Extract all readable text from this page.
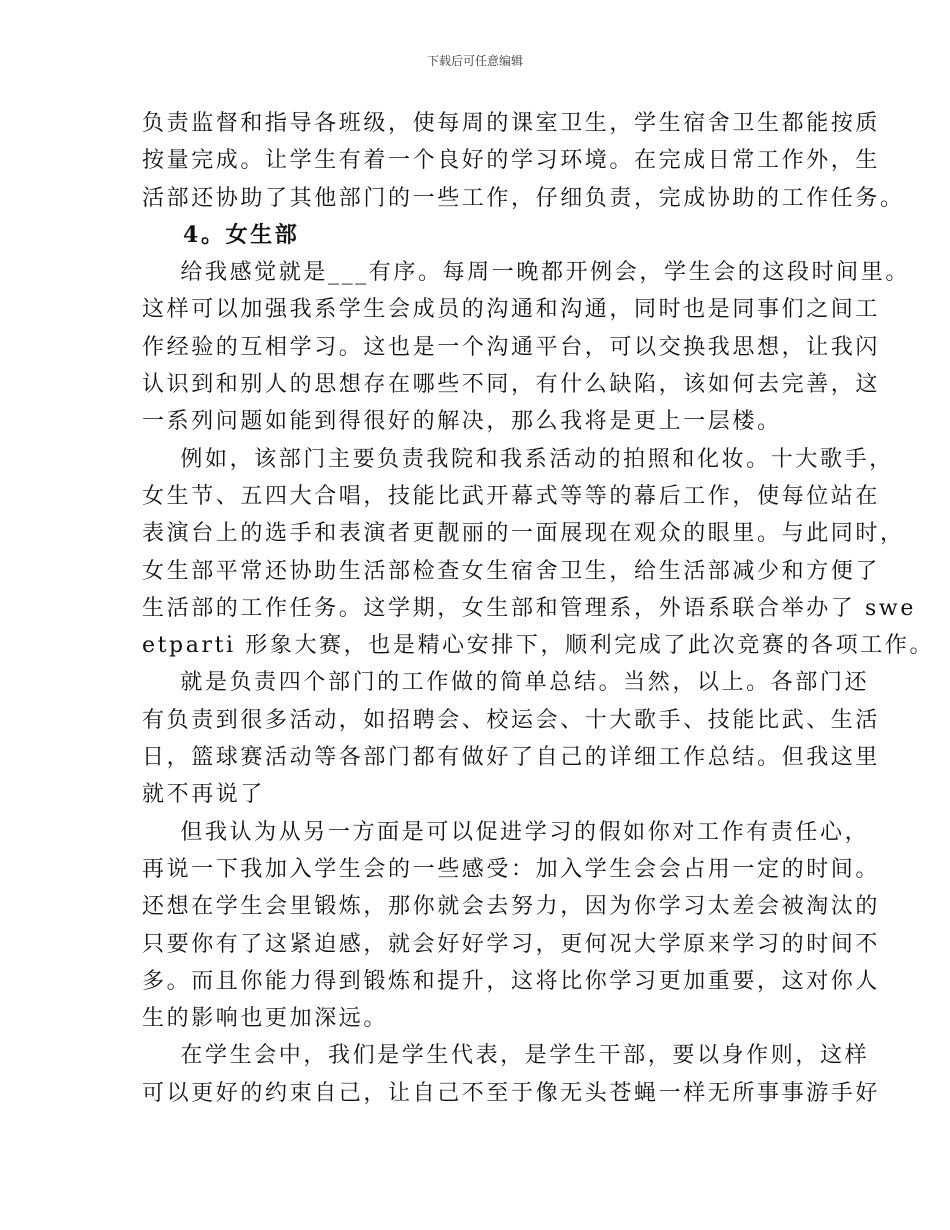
下载后可任意编辑

负责监督和指导各班级，使每周的课室卫生，学生宿舍卫生都能按质
按量完成。让学生有着一个良好的学习环境。在完成日常工作外，生
活部还协助了其他部门的一些工作，仔细负责，完成协助的工作任务。

4。女生部

给我感觉就是___有序。每周一晚都开例会，学生会的这段时间里。
这样可以加强我系学生会成员的沟通和沟通，同时也是同事们之间工
作经验的互相学习。这也是一个沟通平台，可以交换我思想，让我闪
认识到和别人的思想存在哪些不同，有什么缺陷，该如何去完善，这
一系列问题如能到得很好的解决，那么我将是更上一层楼。

例如，该部门主要负责我院和我系活动的拍照和化妆。十大歌手，
女生节、五四大合唱，技能比武开幕式等等的幕后工作，使每位站在
表演台上的选手和表演者更靓丽的一面展现在观众的眼里。与此同时，
女生部平常还协助生活部检查女生宿舍卫生，给生活部减少和方便了
生活部的工作任务。这学期，女生部和管理系，外语系联合举办了 swe
etparti 形象大赛，也是精心安排下，顺利完成了此次竞赛的各项工作。

就是负责四个部门的工作做的简单总结。当然，以上。各部门还
有负责到很多活动，如招聘会、校运会、十大歌手、技能比武、生活
日，篮球赛活动等各部门都有做好了自己的详细工作总结。但我这里
就不再说了

但我认为从另一方面是可以促进学习的假如你对工作有责任心，
再说一下我加入学生会的一些感受：加入学生会会占用一定的时间。
还想在学生会里锻炼，那你就会去努力，因为你学习太差会被淘汰的
只要你有了这紧迫感，就会好好学习，更何况大学原来学习的时间不
多。而且你能力得到锻炼和提升，这将比你学习更加重要，这对你人
生的影响也更加深远。

在学生会中，我们是学生代表，是学生干部，要以身作则，这样
可以更好的约束自己，让自己不至于像无头苍蝇一样无所事事游手好
